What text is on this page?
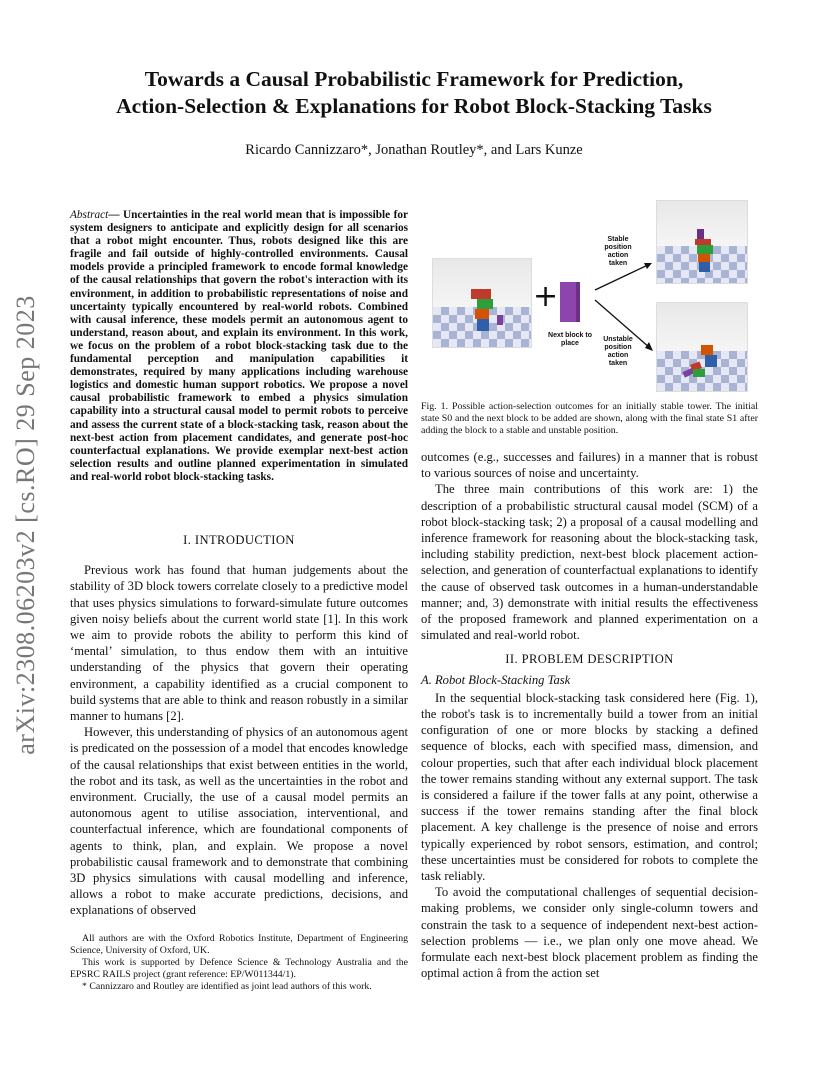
Towards a Causal Probabilistic Framework for Prediction,
Action-Selection & Explanations for Robot Block-Stacking Tasks
Ricardo Cannizzaro*, Jonathan Routley*, and Lars Kunze
arXiv:2308.06203v2 [cs.RO] 29 Sep 2023
Abstract— Uncertainties in the real world mean that is impossible for system designers to anticipate and explicitly design for all scenarios that a robot might encounter. Thus, robots designed like this are fragile and fail outside of highly-controlled environments. Causal models provide a principled framework to encode formal knowledge of the causal relationships that govern the robot's interaction with its environment, in addition to probabilistic representations of noise and uncertainty typically encountered by real-world robots. Combined with causal inference, these models permit an autonomous agent to understand, reason about, and explain its environment. In this work, we focus on the problem of a robot block-stacking task due to the fundamental perception and manipulation capabilities it demonstrates, required by many applications including warehouse logistics and domestic human support robotics. We propose a novel causal probabilistic framework to embed a physics simulation capability into a structural causal model to permit robots to perceive and assess the current state of a block-stacking task, reason about the next-best action from placement candidates, and generate post-hoc counterfactual explanations. We provide exemplar next-best action selection results and outline planned experimentation in simulated and real-world robot block-stacking tasks.
I. INTRODUCTION

Previous work has found that human judgements about the stability of 3D block towers correlate closely to a predictive model that uses physics simulations to forward-simulate future outcomes given noisy beliefs about the current world state [1]. In this work we aim to provide robots the ability to perform this kind of ‘mental’ simulation, to thus endow them with an intuitive understanding of the physics that govern their operating environment, a capability identified as a crucial component to build systems that are able to think and reason robustly in a similar manner to humans [2].

However, this understanding of physics of an autonomous agent is predicated on the possession of a model that encodes knowledge of the causal relationships that exist between entities in the world, the robot and its task, as well as the uncertainties in the robot and environment. Crucially, the use of a causal model permits an autonomous agent to utilise association, interventional, and counterfactual inference, which are foundational components of agents to think, plan, and explain. We propose a novel probabilistic causal framework and to demonstrate that combining 3D physics simulations with causal modelling and inference, allows a robot to make accurate predictions, decisions, and explanations of observed

All authors are with the Oxford Robotics Institute, Department of Engineering Science, University of Oxford, UK.

This work is supported by Defence Science & Technology Australia and the EPSRC RAILS project (grant reference: EP/W011344/1).

* Cannizzaro and Routley are identified as joint lead authors of this work.

+
Next block to place
Stable position action taken
Unstable position action taken
Fig. 1. Possible action-selection outcomes for an initially stable tower. The initial state S0 and the next block to be added are shown, along with the final state S1 after adding the block to a stable and unstable position.
outcomes (e.g., successes and failures) in a manner that is robust to various sources of noise and uncertainty.

The three main contributions of this work are: 1) the description of a probabilistic structural causal model (SCM) of a robot block-stacking task; 2) a proposal of a causal modelling and inference framework for reasoning about the block-stacking task, including stability prediction, next-best block placement action-selection, and generation of counterfactual explanations to identify the cause of observed task outcomes in a human-understandable manner; and, 3) demonstrate with initial results the effectiveness of the proposed framework and planned experimentation on a simulated and real-world robot.

II. PROBLEM DESCRIPTION
A. Robot Block-Stacking Task

In the sequential block-stacking task considered here (Fig. 1), the robot's task is to incrementally build a tower from an initial configuration of one or more blocks by stacking a defined sequence of blocks, each with specified mass, dimension, and colour properties, such that after each individual block placement the tower remains standing without any external support. The task is considered a failure if the tower falls at any point, otherwise a success if the tower remains standing after the final block placement. A key challenge is the presence of noise and errors typically experienced by robot sensors, estimation, and control; these uncertainties must be considered for robots to complete the task reliably.

To avoid the computational challenges of sequential decision-making problems, we consider only single-column towers and constrain the task to a sequence of independent next-best action-selection problems — i.e., we plan only one move ahead. We formulate each next-best block placement problem as finding the optimal action â from the action set
